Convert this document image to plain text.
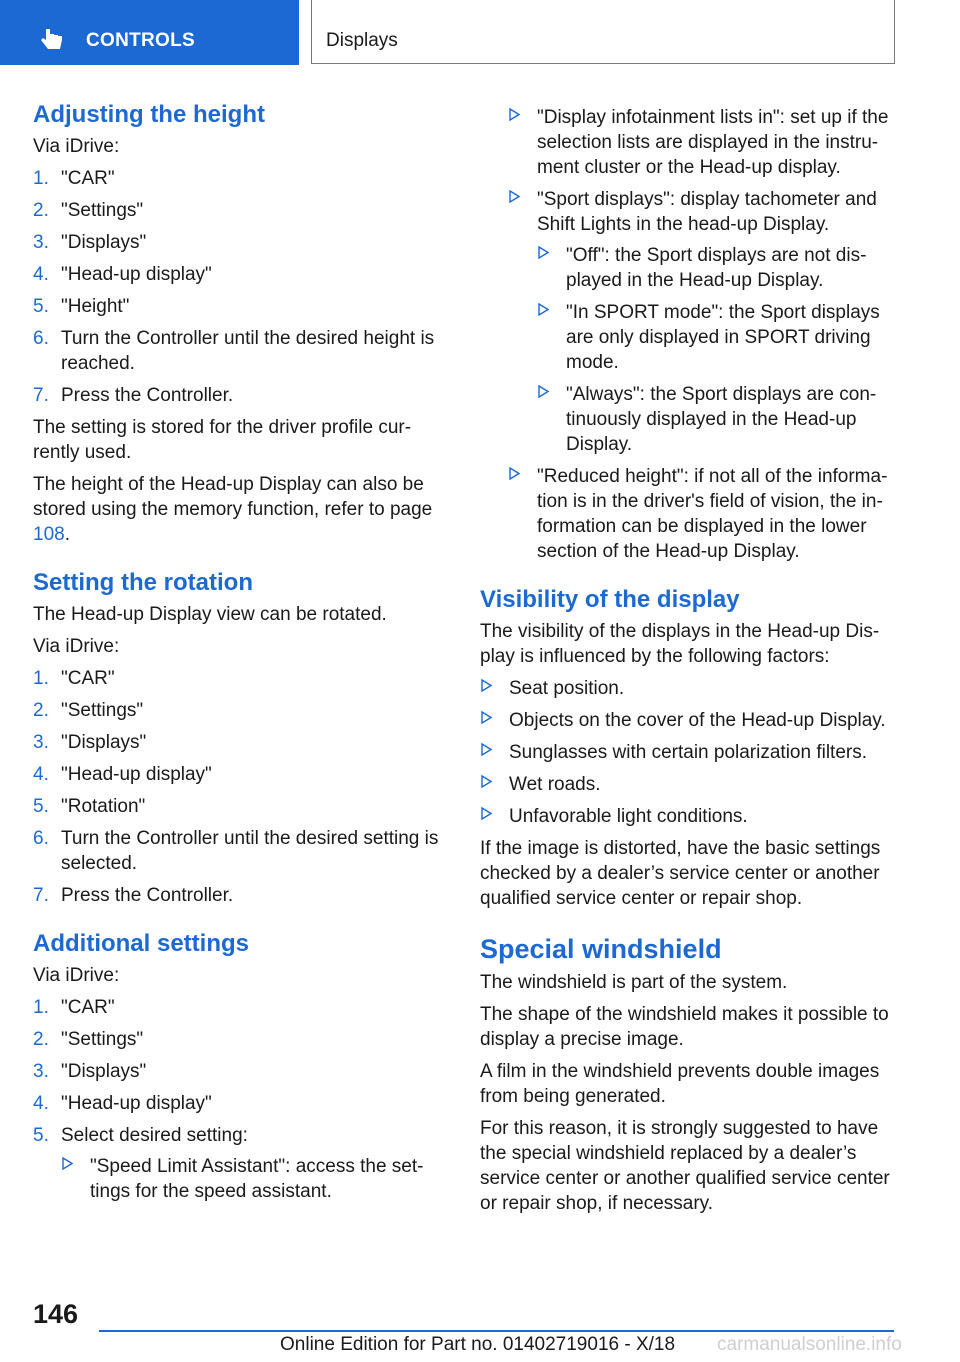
CONTROLS	Displays
Adjusting the height

Via iDrive:

1. "CAR"
2. "Settings"
3. "Displays"
4. "Head-up display"
5. "Height"
6. Turn the Controller until the desired height is reached.
7. Press the Controller.

The setting is stored for the driver profile cur-rently used.

The height of the Head-up Display can also be stored using the memory function, refer to page 108.

Setting the rotation

The Head-up Display view can be rotated.

Via iDrive:

1. "CAR"
2. "Settings"
3. "Displays"
4. "Head-up display"
5. "Rotation"
6. Turn the Controller until the desired setting is selected.
7. Press the Controller.
Additional settings

Via iDrive:

1. "CAR"
2. "Settings"
3. "Displays"
4. "Head-up display"
5. Select desired setting:
"Speed Limit Assistant": access the set-tings for the speed assistant.
"Display infotainment lists in": set up if the selection lists are displayed in the instru-ment cluster or the Head-up display.
"Sport displays": display tachometer and Shift Lights in the head-up Display.
"Off": the Sport displays are not dis-played in the Head-up Display.
"In SPORT mode": the Sport displays are only displayed in SPORT driving mode.
"Always": the Sport displays are con-tinuously displayed in the Head-up Display.
"Reduced height": if not all of the informa-tion is in the driver's field of vision, the in-formation can be displayed in the lower section of the Head-up Display.
Visibility of the display

The visibility of the displays in the Head-up Dis-play is influenced by the following factors:

Seat position.
Objects on the cover of the Head-up Display.
Sunglasses with certain polarization filters.
Wet roads.
Unfavorable light conditions.

If the image is distorted, have the basic settings checked by a dealer’s service center or another qualified service center or repair shop.

Special windshield

The windshield is part of the system.

The shape of the windshield makes it possible to display a precise image.

A film in the windshield prevents double images from being generated.

For this reason, it is strongly suggested to have the special windshield replaced by a dealer’s service center or another qualified service center or repair shop, if necessary.

146
Online Edition for Part no. 01402719016 - X/18 carmanualsonline.info
